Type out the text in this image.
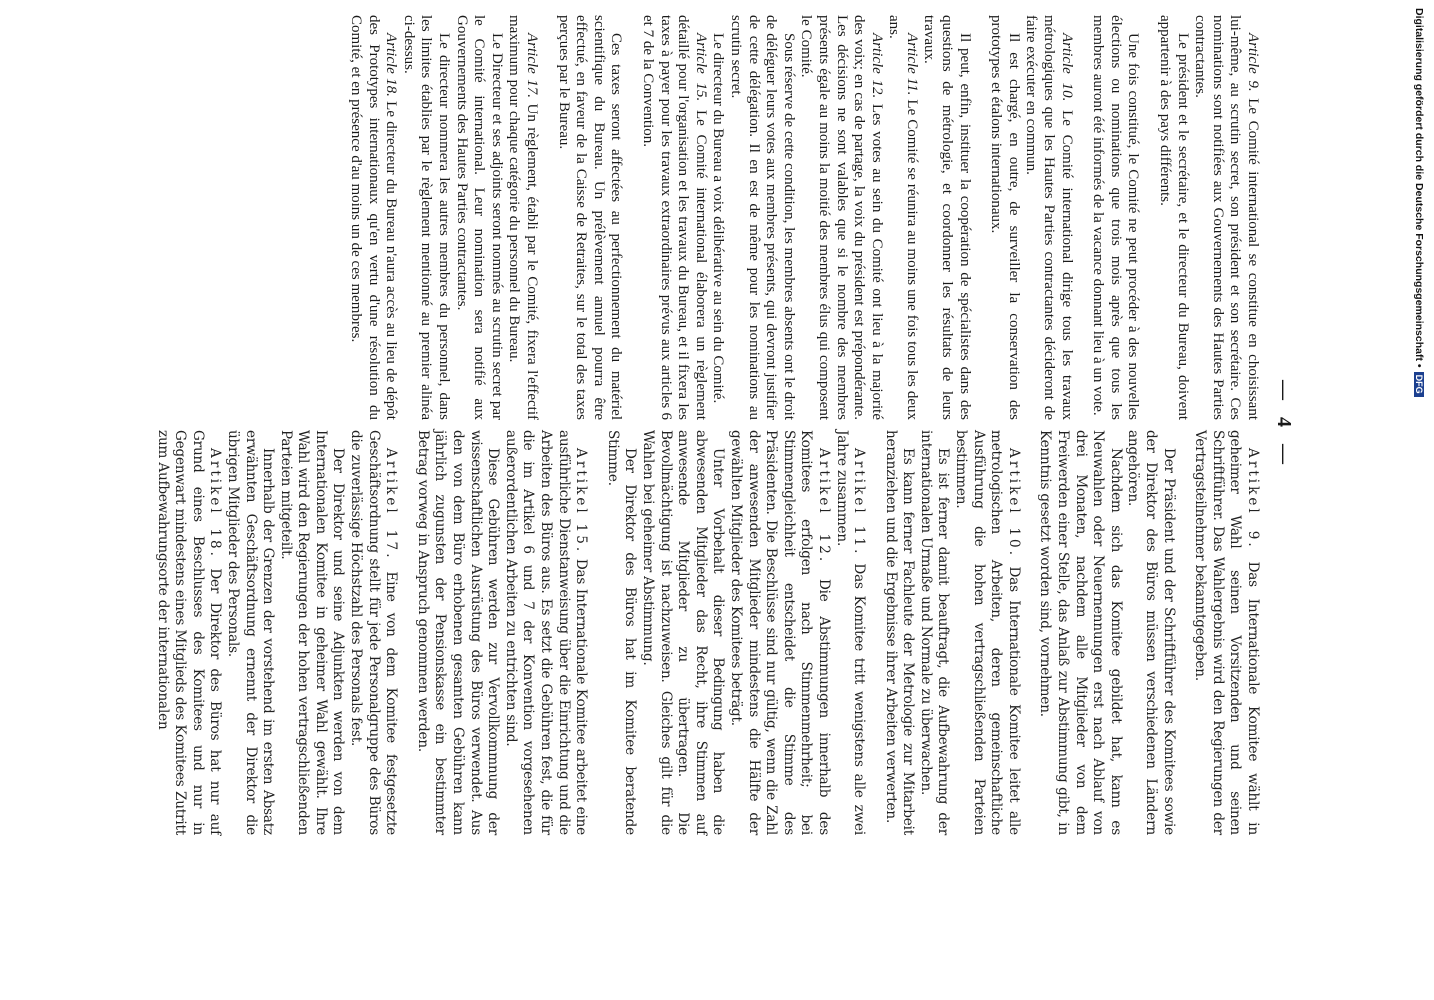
— 4 —
Article 9. Le Comité international se constitue en choisissant lui-même, au scrutin secret, son président et son secrétaire. Ces nominations sont notifiées aux Gouvernements des Hautes Parties contractantes.
Le président et le secrétaire, et le directeur du Bureau, doivent appartenir à des pays différents.
Une fois constitué, le Comité ne peut procéder à des nouvelles élections ou nominations que trois mois après que tous les membres auront été informés de la vacance donnant lieu à un vote.
Article 10. Le Comité international dirige tous les travaux métrologiques que les Hautes Parties contractantes décideront de faire exécuter en commun.
Il est chargé, en outre, de surveiller la conservation des prototypes et étalons internationaux.
Il peut, enfin, instituer la coopération de spécialistes dans des questions de métrologie, et coordonner les résultats de leurs travaux.
Article 11. Le Comité se réunira au moins une fois tous les deux ans.
Article 12. Les votes au sein du Comité ont lieu à la majorité des voix; en cas de partage, la voix du président est prépondérante. Les décisions ne sont valables que si le nombre des membres présents égale au moins la moitié des membres élus qui composent le Comité.
Sous réserve de cette condition, les membres absents ont le droit de déléguer leurs votes aux membres présents, qui devront justifier de cette délégation. Il en est de même pour les nominations au scrutin secret.
Le directeur du Bureau a voix délibérative au sein du Comité.
Article 15. Le Comité international élaborera un règlement détaillé pour l'organisation et les travaux du Bureau, et il fixera les taxes à payer pour les travaux extraordinaires prévus aux articles 6 et 7 de la Convention.
Ces taxes seront affectées au perfectionnement du matériel scientifique du Bureau. Un prélèvement annuel pourra être effectué, en faveur de la Caisse de Retraites, sur le total des taxes perçues par le Bureau.
Article 17. Un règlement, établi par le Comité, fixera l'effectif maximum pour chaque catégorie du personnel du Bureau.
Le Directeur et ses adjoints seront nommés au scrutin secret par le Comité international. Leur nomination sera notifié aux Gouvernements des Hautes Parties contractantes.
Le directeur nommera les autres membres du personnel, dans les limites établies par le règlement mentionné au premier alinéa ci-dessus.
Article 18. Le directeur du Bureau n'aura accès au lieu de dépôt des Prototypes internationaux qu'en vertu d'une résolution du Comité, et en présence d'au moins un de ces membres.
Artikel 9. Das Internationale Komitee wählt in geheimer Wahl seinen Vorsitzenden und seinen Schriftführer. Das Wahlergebnis wird den Regierungen der Vertragsteilnehmer bekanntgegeben.
Der Präsident und der Schriftführer des Komitees sowie der Direktor des Büros müssen verschiedenen Ländern angehören.
Nachdem sich das Komitee gebildet hat, kann es Neuwahlen oder Neuernennungen erst nach Ablauf von drei Monaten, nachdem alle Mitglieder von dem Freiwerden einer Stelle, das Anlaß zur Abstimmung gibt, in Kenntnis gesetzt worden sind, vornehmen.
Artikel 10. Das Internationale Komitee leitet alle metrologischen Arbeiten, deren gemeinschaftliche Ausführung die hohen vertragschließenden Parteien bestimmen.
Es ist ferner damit beauftragt, die Aufbewahrung der internationalen Urmaße und Normale zu überwachen.
Es kann ferner Fachleute der Metrologie zur Mitarbeit heranziehen und die Ergebnisse ihrer Arbeiten verwerten.
Artikel 11. Das Komitee tritt wenigstens alle zwei Jahre zusammen.
Artikel 12. Die Abstimmungen innerhalb des Komitees erfolgen nach Stimmenmehrheit; bei Stimmengleichheit entscheidet die Stimme des Präsidenten. Die Beschlüsse sind nur gültig, wenn die Zahl der anwesenden Mitglieder mindestens die Hälfte der gewählten Mitglieder des Komitees beträgt.
Unter Vorbehalt dieser Bedingung haben die abwesenden Mitglieder das Recht, ihre Stimmen auf anwesende Mitglieder zu übertragen. Die Bevollmächtigung ist nachzuweisen. Gleiches gilt für die Wahlen bei geheimer Abstimmung.
Der Direktor des Büros hat im Komitee beratende Stimme.
Artikel 15. Das Internationale Komitee arbeitet eine ausführliche Dienstanweisung über die Einrichtung und die Arbeiten des Büros aus. Es setzt die Gebühren fest, die für die im Artikel 6 und 7 der Konvention vorgesehenen außerordentlichen Arbeiten zu entrichten sind.
Diese Gebühren werden zur Vervollkommnung der wissenschaftlichen Ausrüstung des Büros verwendet. Aus den von dem Büro erhobenen gesamten Gebühren kann jährlich zugunsten der Pensionskasse ein bestimmter Betrag vorweg in Anspruch genommen werden.
Artikel 17. Eine von dem Komitee festgesetzte Geschäftsordnung stellt für jede Personalgruppe des Büros die zuverlässige Höchstzahl des Personals fest.
Der Direktor und seine Adjunkten werden von dem Internationalen Komitee in geheimer Wahl gewählt. Ihre Wahl wird den Regierungen der hohen vertragschließenden Parteien mitgeteilt.
Innerhalb der Grenzen der vorstehend im ersten Absatz erwähnten Geschäftsordnung ernennt der Direktor die übrigen Mitglieder des Personals.
Artikel 18. Der Direktor des Büros hat nur auf Grund eines Beschlusses des Komitees und nur in Gegenwart mindestens eines Mitglieds des Komitees Zutritt zum Aufbewahrungsorte der internationalen
Digitalisierung gefördert durch die Deutsche Forschungsgemeinschaft •DFG
